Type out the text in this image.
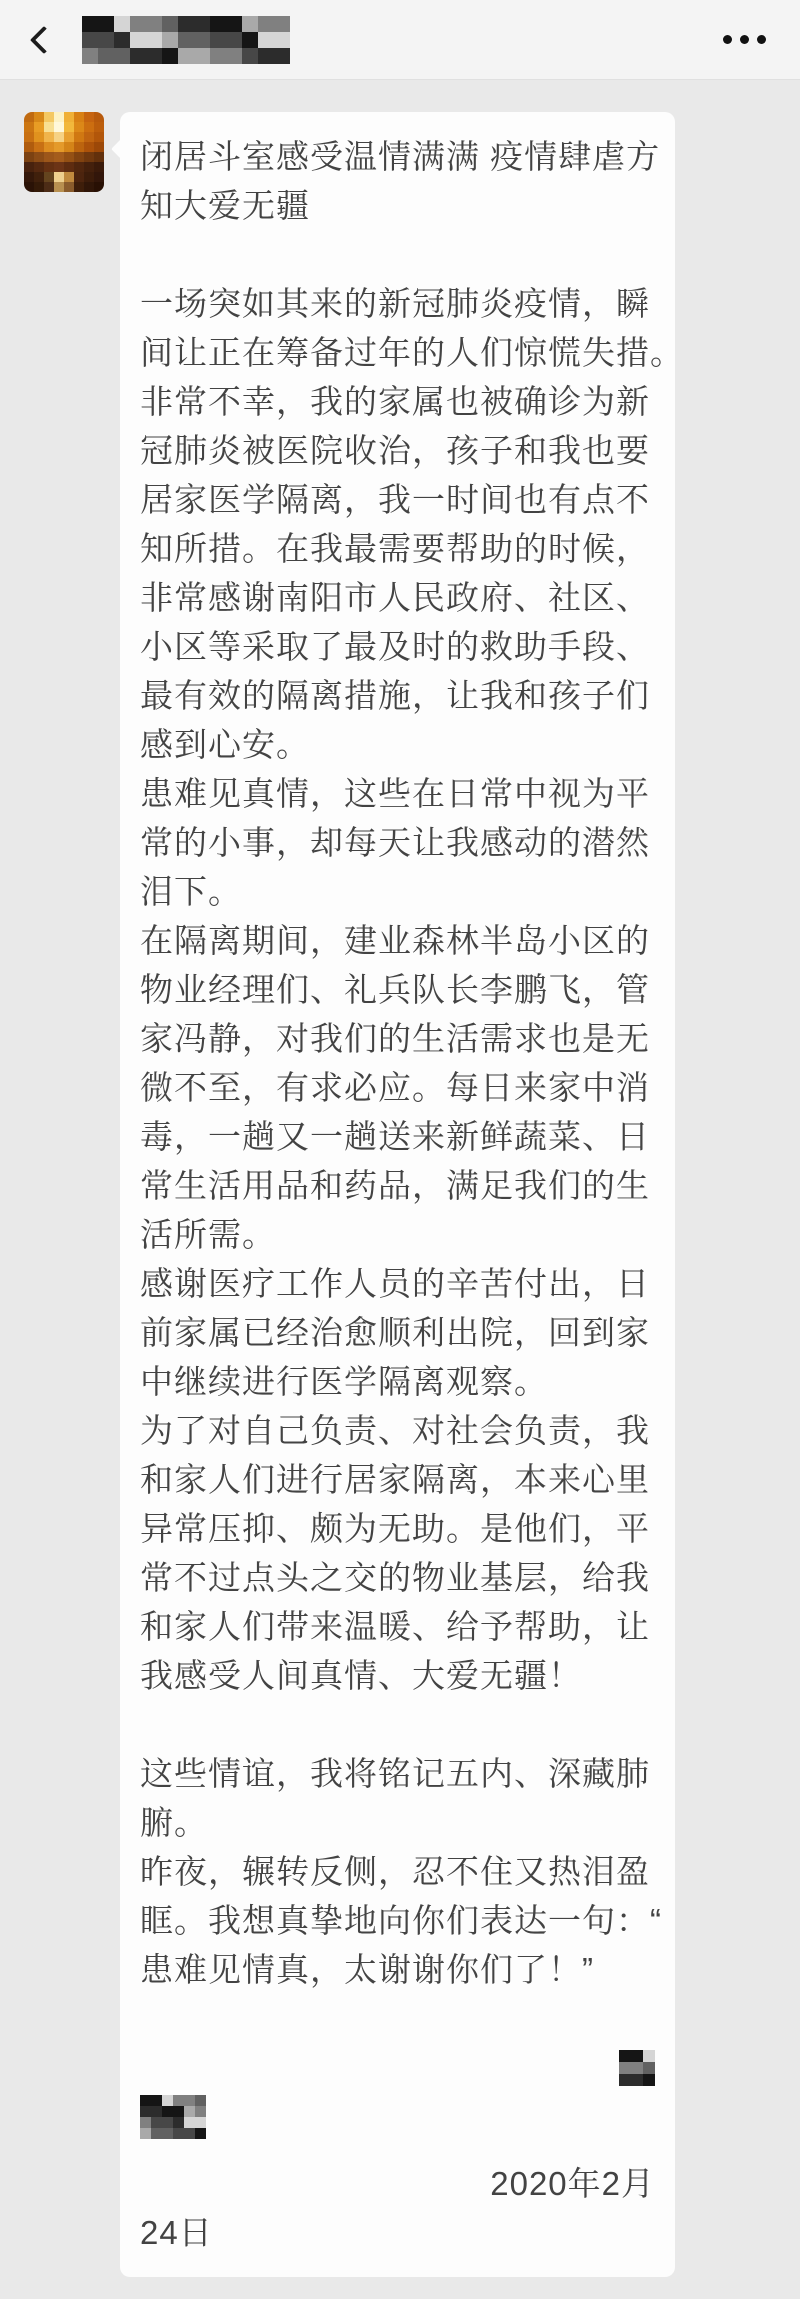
闭居斗室感受温情满满 疫情肆虐方
知大爱无疆
一场突如其来的新冠肺炎疫情，瞬
间让正在筹备过年的人们惊慌失措。
非常不幸，我的家属也被确诊为新
冠肺炎被医院收治，孩子和我也要
居家医学隔离，我一时间也有点不
知所措。在我最需要帮助的时候，
非常感谢南阳市人民政府、社区、
小区等采取了最及时的救助手段、
最有效的隔离措施，让我和孩子们
感到心安。
患难见真情，这些在日常中视为平
常的小事，却每天让我感动的潜然
泪下。
在隔离期间，建业森林半岛小区的
物业经理们、礼兵队长李鹏飞，管
家冯静，对我们的生活需求也是无
微不至，有求必应。每日来家中消
毒，一趟又一趟送来新鲜蔬菜、日
常生活用品和药品，满足我们的生
活所需。
感谢医疗工作人员的辛苦付出，日
前家属已经治愈顺利出院，回到家
中继续进行医学隔离观察。
为了对自己负责、对社会负责，我
和家人们进行居家隔离，本来心里
异常压抑、颇为无助。是他们，平
常不过点头之交的物业基层，给我
和家人们带来温暖、给予帮助，让
我感受人间真情、大爱无疆！
这些情谊，我将铭记五内、深藏肺
腑。
昨夜，辗转反侧，忍不住又热泪盈
眶。我想真挚地向你们表达一句：“
患难见情真，太谢谢你们了！”
2020年2月
24日
